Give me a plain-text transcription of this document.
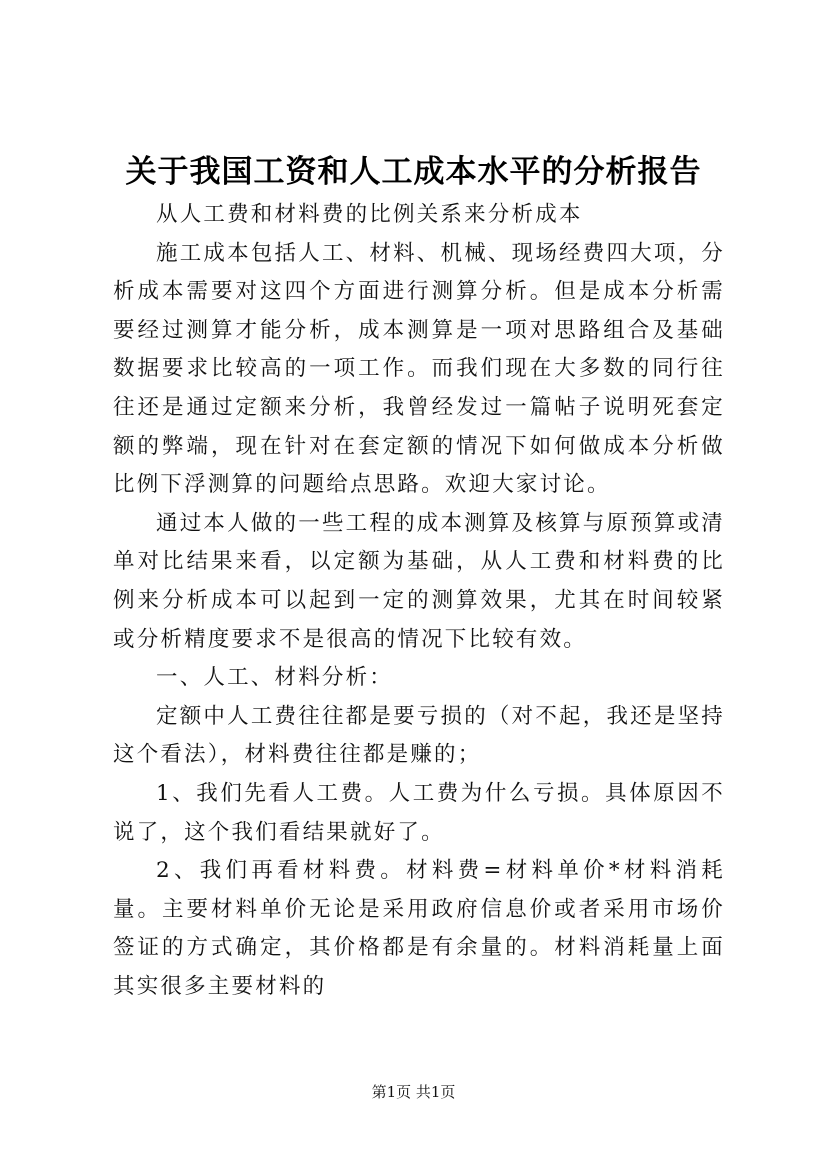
关于我国工资和人工成本水平的分析报告

从人工费和材料费的比例关系来分析成本

施工成本包括人工、材料、机械、现场经费四大项，分析成本需要对这四个方面进行测算分析。但是成本分析需要经过测算才能分析，成本测算是一项对思路组合及基础数据要求比较高的一项工作。而我们现在大多数的同行往往还是通过定额来分析，我曾经发过一篇帖子说明死套定额的弊端，现在针对在套定额的情况下如何做成本分析做比例下浮测算的问题给点思路。欢迎大家讨论。

通过本人做的一些工程的成本测算及核算与原预算或清单对比结果来看，以定额为基础，从人工费和材料费的比例来分析成本可以起到一定的测算效果，尤其在时间较紧或分析精度要求不是很高的情况下比较有效。

一、人工、材料分析：

定额中人工费往往都是要亏损的（对不起，我还是坚持这个看法），材料费往往都是赚的；

1、我们先看人工费。人工费为什么亏损。具体原因不说了，这个我们看结果就好了。

2、我们再看材料费。材料费=材料单价*材料消耗量。主要材料单价无论是采用政府信息价或者采用市场价签证的方式确定，其价格都是有余量的。材料消耗量上面其实很多主要材料的

第1页 共1页
